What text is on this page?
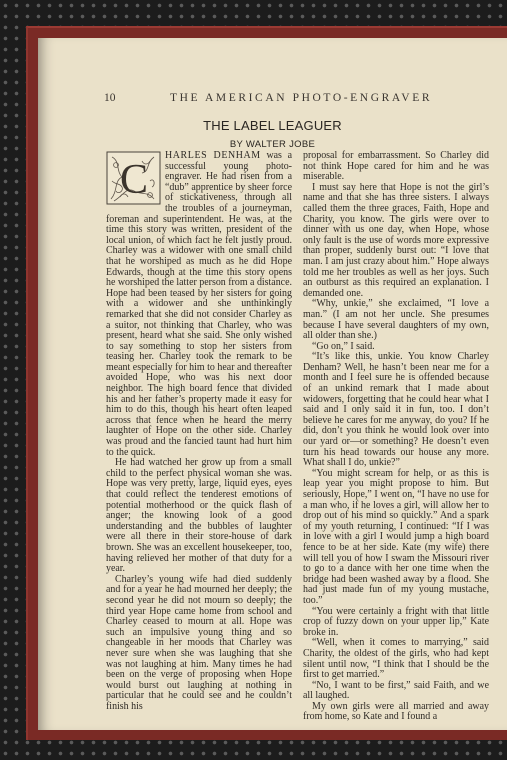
10	THE AMERICAN PHOTO-ENGRAVER
THE LABEL LEAGUER
BY WALTER JOBE

C
HARLES DENHAM was a successful young photo-engraver. He had risen from a “dub” apprentice by sheer force of stickativeness, through all the troubles of a journeyman, foreman and superintendent. He was, at the time this story was written, president of the local union, of which fact he felt justly proud. Charley was a widower with one small child that he worshiped as much as he did Hope Edwards, though at the time this story opens he worshiped the latter person from a distance. Hope had been teased by her sisters for going with a widower and she unthinkingly remarked that she did not consider Charley as a suitor, not thinking that Charley, who was present, heard what she said. She only wished to say something to stop her sisters from teasing her. Charley took the remark to be meant especially for him to hear and thereafter avoided Hope, who was his next door neighbor. The high board fence that divided his and her father’s property made it easy for him to do this, though his heart often leaped across that fence when he heard the merry laughter of Hope on the other side. Charley was proud and the fancied taunt had hurt him to the quick.

He had watched her grow up from a small child to the perfect physical woman she was. Hope was very pretty, large, liquid eyes, eyes that could reflect the tenderest emotions of potential motherhood or the quick flash of anger; the knowing look of a good understanding and the bubbles of laughter were all there in their store-house of dark brown. She was an excellent housekeeper, too, having relieved her mother of that duty for a year.

Charley’s young wife had died suddenly and for a year he had mourned her deeply; the second year he did not mourn so deeply; the third year Hope came home from school and Charley ceased to mourn at all. Hope was such an impulsive young thing and so changeable in her moods that Charley was never sure when she was laughing that she was not laughing at him. Many times he had been on the verge of proposing when Hope would burst out laughing at nothing in particular that he could see and he couldn’t finish his

proposal for embarrassment. So Charley did not think Hope cared for him and he was miserable.

I must say here that Hope is not the girl’s name and that she has three sisters. I always called them the three graces, Faith, Hope and Charity, you know. The girls were over to dinner with us one day, when Hope, whose only fault is the use of words more expressive than proper, suddenly burst out: “I love that man. I am just crazy about him.” Hope always told me her troubles as well as her joys. Such an outburst as this required an explanation. I demanded one.

“Why, unkie,” she exclaimed, “I love a man.” (I am not her uncle. She presumes because I have several daughters of my own, all older than she.)

“Go on,” I said.

“It’s like this, unkie. You know Charley Denham? Well, he hasn’t been near me for a month and I feel sure he is offended because of an unkind remark that I made about widowers, forgetting that he could hear what I said and I only said it in fun, too. I don’t believe he cares for me anyway, do you? If he did, don’t you think he would look over into our yard or—or something? He doesn’t even turn his head towards our house any more. What shall I do, unkie?”

“You might scream for help, or as this is leap year you might propose to him. But seriously, Hope,” I went on, “I have no use for a man who, if he loves a girl, will allow her to drop out of his mind so quickly.” And a spark of my youth returning, I continued: “If I was in love with a girl I would jump a high board fence to be at her side. Kate (my wife) there will tell you of how I swam the Missouri river to go to a dance with her one time when the bridge had been washed away by a flood. She had just made fun of my young mustache, too.”

“You were certainly a fright with that little crop of fuzzy down on your upper lip,” Kate broke in.

“Well, when it comes to marrying,” said Charity, the oldest of the girls, who had kept silent until now, “I think that I should be the first to get married.”

“No, I want to be first,” said Faith, and we all laughed.

My own girls were all married and away from home, so Kate and I found a
